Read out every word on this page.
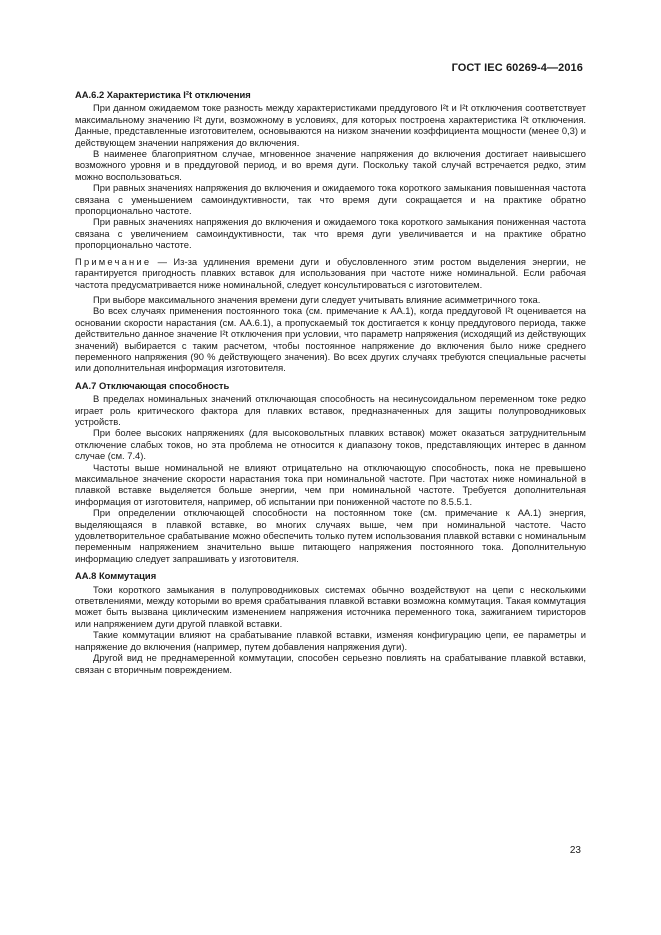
ГОСТ IEC 60269-4—2016
АА.6.2 Характеристика I²t отключения

При данном ожидаемом токе разность между характеристиками преддугового I²t и I²t отключения соответствует максимальному значению I²t дуги, возможному в условиях, для которых построена характеристика I²t отключения. Данные, представленные изготовителем, основываются на низком значении коэффициента мощности (менее 0,3) и действующем значении напряжения до включения.

В наименее благоприятном случае, мгновенное значение напряжения до включения достигает наивысшего возможного уровня и в преддуговой период, и во время дуги. Поскольку такой случай встречается редко, этим можно воспользоваться.

При равных значениях напряжения до включения и ожидаемого тока короткого замыкания повышенная частота связана с уменьшением самоиндуктивности, так что время дуги сокращается и на практике обратно пропорционально частоте.

При равных значениях напряжения до включения и ожидаемого тока короткого замыкания пониженная частота связана с увеличением самоиндуктивности, так что время дуги увеличивается и на практике обратно пропорционально частоте.

Примечание — Из-за удлинения времени дуги и обусловленного этим ростом выделения энергии, не гарантируется пригодность плавких вставок для использования при частоте ниже номинальной. Если рабочая частота предусматривается ниже номинальной, следует консультироваться с изготовителем.

При выборе максимального значения времени дуги следует учитывать влияние асимметричного тока.

Во всех случаях применения постоянного тока (см. примечание к АА.1), когда преддуговой I²t оценивается на основании скорости нарастания (см. АА.6.1), а пропускаемый ток достигается к концу преддугового периода, также действительно данное значение I²t отключения при условии, что параметр напряжения (исходящий из действующих значений) выбирается с таким расчетом, чтобы постоянное напряжение до включения было ниже среднего переменного напряжения (90 % действующего значения). Во всех других случаях требуются специальные расчеты или дополнительная информация изготовителя.

АА.7 Отключающая способность

В пределах номинальных значений отключающая способность на несинусоидальном переменном токе редко играет роль критического фактора для плавких вставок, предназначенных для защиты полупроводниковых устройств.

При более высоких напряжениях (для высоковольтных плавких вставок) может оказаться затруднительным отключение слабых токов, но эта проблема не относится к диапазону токов, представляющих интерес в данном случае (см. 7.4).

Частоты выше номинальной не влияют отрицательно на отключающую способность, пока не превышено максимальное значение скорости нарастания тока при номинальной частоте. При частотах ниже номинальной в плавкой вставке выделяется больше энергии, чем при номинальной частоте. Требуется дополнительная информация от изготовителя, например, об испытании при пониженной частоте по 8.5.5.1.

При определении отключающей способности на постоянном токе (см. примечание к АА.1) энергия, выделяющаяся в плавкой вставке, во многих случаях выше, чем при номинальной частоте. Часто удовлетворительное срабатывание можно обеспечить только путем использования плавкой вставки с номинальным переменным напряжением значительно выше питающего напряжения постоянного тока. Дополнительную информацию следует запрашивать у изготовителя.

АА.8 Коммутация

Токи короткого замыкания в полупроводниковых системах обычно воздействуют на цепи с несколькими ответвлениями, между которыми во время срабатывания плавкой вставки возможна коммутация. Такая коммутация может быть вызвана циклическим изменением напряжения источника переменного тока, зажиганием тиристоров или напряжением дуги другой плавкой вставки.

Такие коммутации влияют на срабатывание плавкой вставки, изменяя конфигурацию цепи, ее параметры и напряжение до включения (например, путем добавления напряжения дуги).

Другой вид не преднамеренной коммутации, способен серьезно повлиять на срабатывание плавкой вставки, связан с вторичным повреждением.

23
